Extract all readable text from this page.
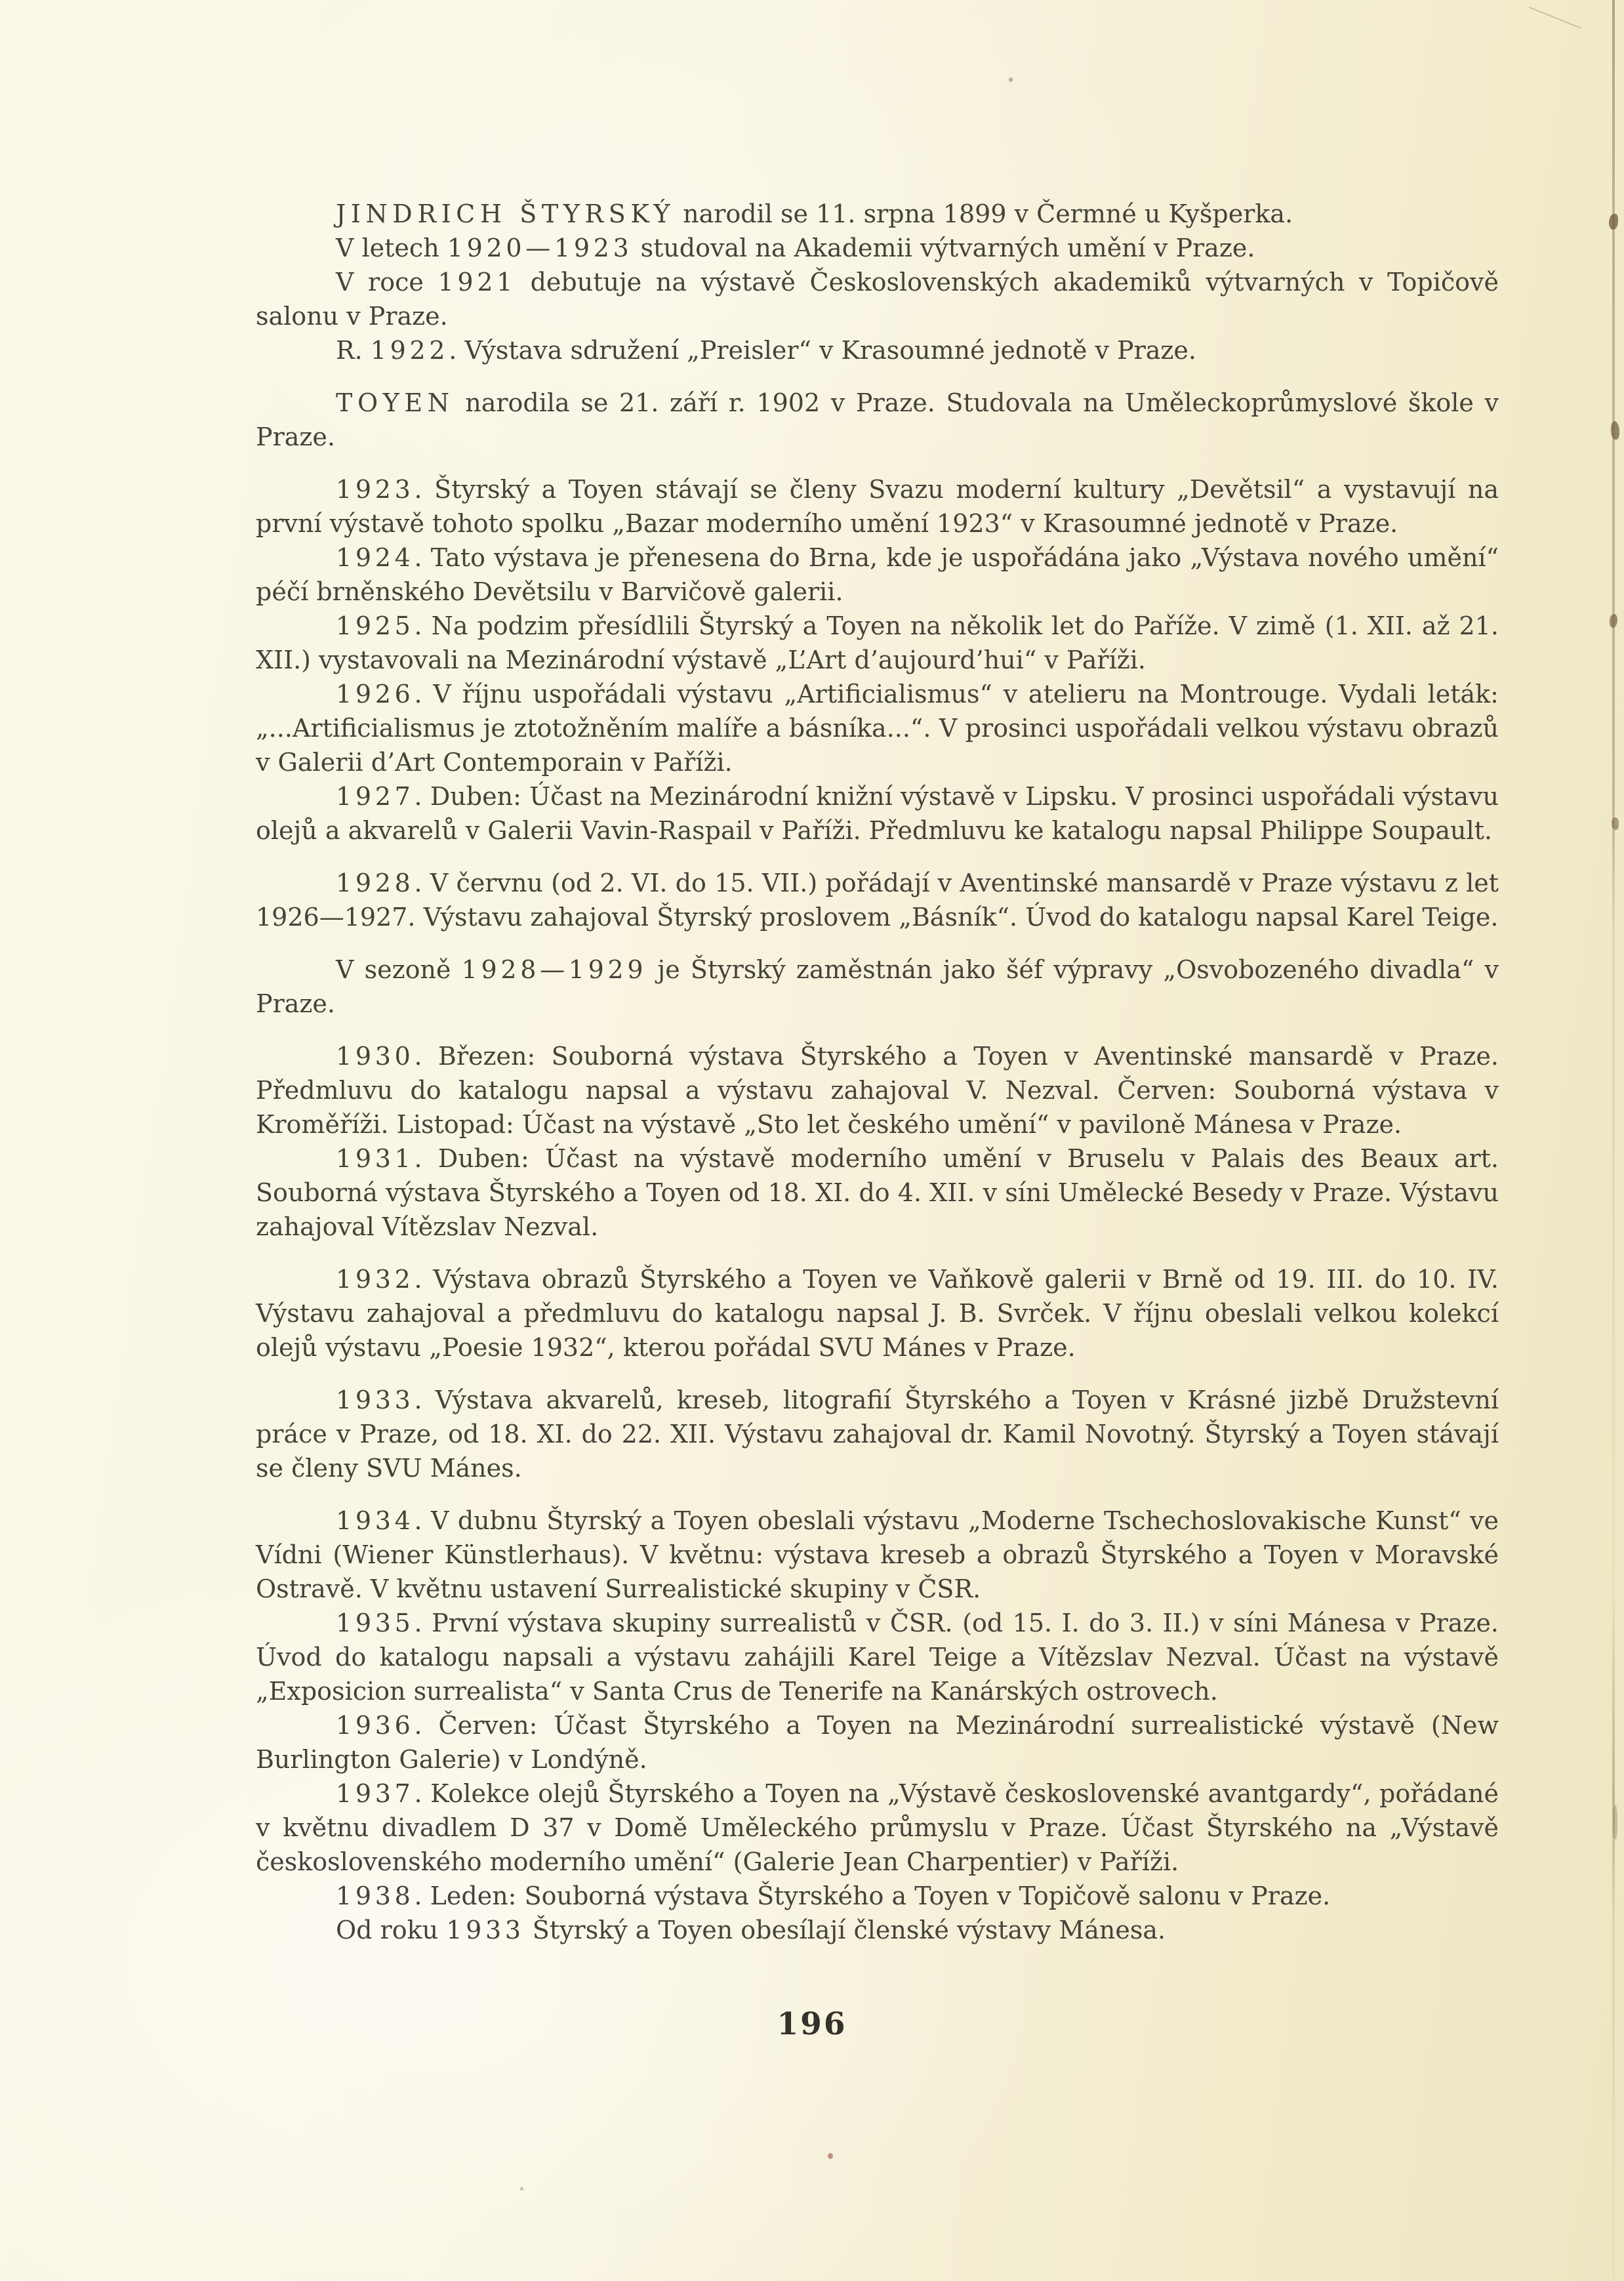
JINDRICH ŠTYRSKÝ narodil se 11. srpna 1899 v Čermné u Kyšperka.

V letech 1920—1923 studoval na Akademii výtvarných umění v Praze.

V roce 1921 debutuje na výstavě Československých akademiků výtvarných v Topičově salonu v Praze.

R. 1922. Výstava sdružení „Preisler“ v Krasoumné jednotě v Praze.

TOYEN narodila se 21. září r. 1902 v Praze. Studovala na Uměleckoprůmyslové škole v Praze.

1923. Štyrský a Toyen stávají se členy Svazu moderní kultury „Devětsil“ a vystavují na první výstavě tohoto spolku „Bazar moderního umění 1923“ v Krasoumné jednotě v Praze.

1924. Tato výstava je přenesena do Brna, kde je uspořádána jako „Výstava nového umění“ péčí brněnského Devětsilu v Barvičově galerii.

1925. Na podzim přesídlili Štyrský a Toyen na několik let do Paříže. V zimě (1. XII. až 21. XII.) vystavovali na Mezinárodní výstavě „L’Art d’aujourd’hui“ v Paříži.

1926. V říjnu uspořádali výstavu „Artificialismus“ v atelieru na Montrouge. Vydali leták: „...Artificialismus je ztotožněním malíře a básníka...“. V prosinci uspořádali velkou výstavu obrazů v Galerii d’Art Contemporain v Paříži.

1927. Duben: Účast na Mezinárodní knižní výstavě v Lipsku. V prosinci uspořádali výstavu olejů a akvarelů v Galerii Vavin-Raspail v Paříži. Předmluvu ke katalogu napsal Philippe Soupault.

1928. V červnu (od 2. VI. do 15. VII.) pořádají v Aventinské mansardě v Praze výstavu z let 1926—1927. Výstavu zahajoval Štyrský proslovem „Básník“. Úvod do katalogu napsal Karel Teige.

V sezoně 1928—1929 je Štyrský zaměstnán jako šéf výpravy „Osvobozeného divadla“ v Praze.

1930. Březen: Souborná výstava Štyrského a Toyen v Aventinské mansardě v Praze. Předmluvu do katalogu napsal a výstavu zahajoval V. Nezval. Červen: Souborná výstava v Kroměříži. Listopad: Účast na výstavě „Sto let českého umění“ v paviloně Mánesa v Praze.

1931. Duben: Účast na výstavě moderního umění v Bruselu v Palais des Beaux art. Souborná výstava Štyrského a Toyen od 18. XI. do 4. XII. v síni Umělecké Besedy v Praze. Výstavu zahajoval Vítězslav Nezval.

1932. Výstava obrazů Štyrského a Toyen ve Vaňkově galerii v Brně od 19. III. do 10. IV. Výstavu zahajoval a předmluvu do katalogu napsal J. B. Svrček. V říjnu obeslali velkou kolekcí olejů výstavu „Poesie 1932“, kterou pořádal SVU Mánes v Praze.

1933. Výstava akvarelů, kreseb, litografií Štyrského a Toyen v Krásné jizbě Družstevní práce v Praze, od 18. XI. do 22. XII. Výstavu zahajoval dr. Kamil Novotný. Štyrský a Toyen stávají se členy SVU Mánes.

1934. V dubnu Štyrský a Toyen obeslali výstavu „Moderne Tschechoslovakische Kunst“ ve Vídni (Wiener Künstlerhaus). V květnu: výstava kreseb a obrazů Štyrského a Toyen v Moravské Ostravě. V květnu ustavení Surrealistické skupiny v ČSR.

1935. První výstava skupiny surrealistů v ČSR. (od 15. I. do 3. II.) v síni Mánesa v Praze. Úvod do katalogu napsali a výstavu zahájili Karel Teige a Vítězslav Nezval. Účast na výstavě „Exposicion surrealista“ v Santa Crus de Tenerife na Kanárských ostrovech.

1936. Červen: Účast Štyrského a Toyen na Mezinárodní surrealistické výstavě (New Burlington Galerie) v Londýně.

1937. Kolekce olejů Štyrského a Toyen na „Výstavě československé avantgardy“, pořádané v květnu divadlem D 37 v Domě Uměleckého průmyslu v Praze. Účast Štyrského na „Výstavě československého moderního umění“ (Galerie Jean Charpentier) v Paříži.

1938. Leden: Souborná výstava Štyrského a Toyen v Topičově salonu v Praze.

Od roku 1933 Štyrský a Toyen obesílají členské výstavy Mánesa.

196
